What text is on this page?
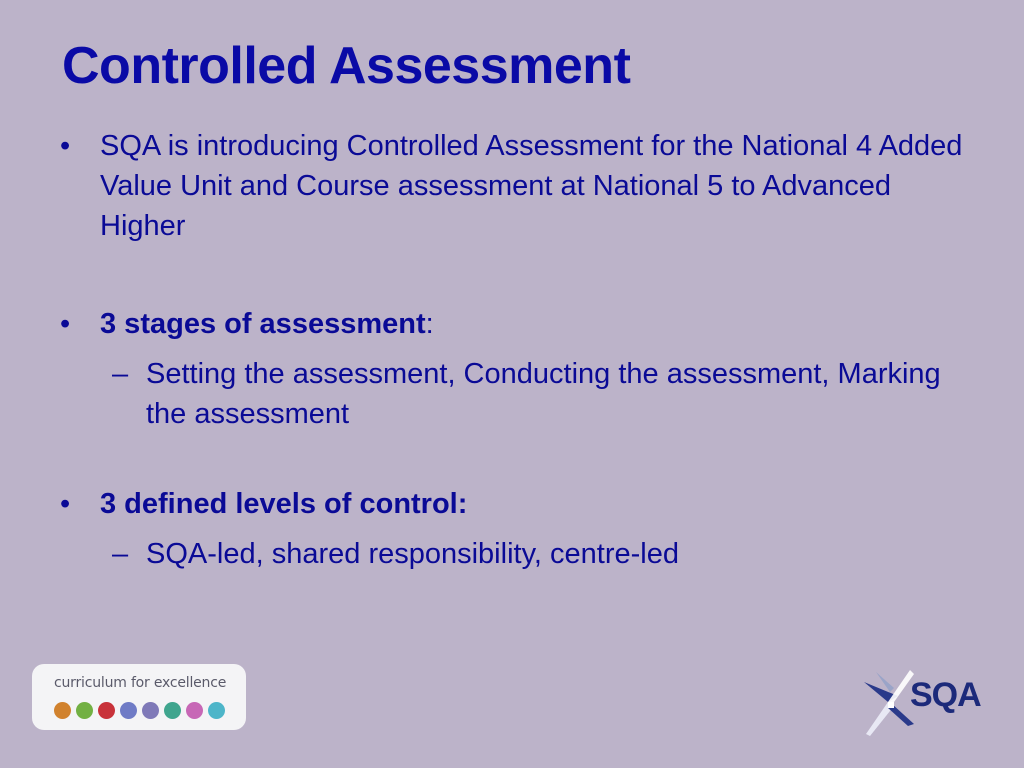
Controlled Assessment
•	SQA is introducing Controlled Assessment for the National 4 Added Value Unit and Course assessment at National 5 to Advanced Higher
•	3 stages of assessment:
– Setting the assessment, Conducting the assessment, Marking the assessment
•	3 defined levels of control:
– SQA-led, shared responsibility, centre-led
curriculum for excellence	SQA
